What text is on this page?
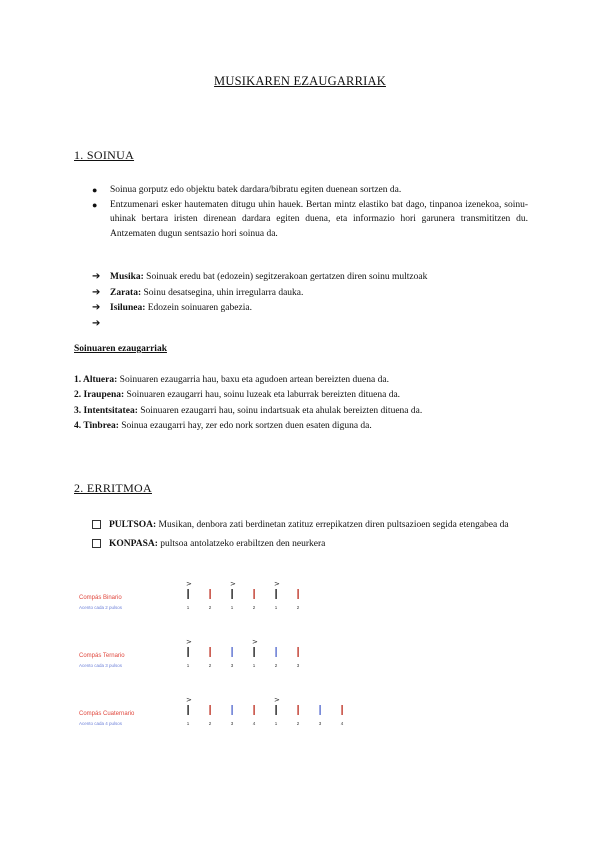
MUSIKAREN EZAUGARRIAK
1. SOINUA
● Soinua gorputz edo objektu batek dardara/bibratu egiten duenean sortzen da.
● Entzumenari esker hautematen ditugu uhin hauek. Bertan mintz elastiko bat dago, tinpanoa izenekoa, soinu-uhinak bertara iristen direnean dardara egiten duena, eta informazio hori garunera transmititzen du. Antzematen dugun sentsazio hori soinua da.
➔ Musika: Soinuak eredu bat (edozein) segitzerakoan gertatzen diren soinu multzoak
➔ Zarata: Soinu desatsegina, uhin irregularra dauka.
➔ Isilunea: Edozein soinuaren gabezia.
➔
Soinuaren ezaugarriak
1. Altuera: Soinuaren ezaugarria hau, baxu eta agudoen artean bereizten duena da.
2. Iraupena: Soinuaren ezaugarri hau, soinu luzeak eta laburrak bereizten dituena da.
3. Intentsitatea: Soinuaren ezaugarri hau, soinu indartsuak eta ahulak bereizten dituena da.
4. Tinbrea: Soinua ezaugarri hay, zer edo nork sortzen duen esaten diguna da.
2. ERRITMOA
PULTSOA: Musikan, denbora zati berdinetan zatituz errepikatzen diren pultsazioen segida etengabea da
KONPASA: pultsoa antolatzeko erabiltzen den neurkera
Compás Binario
Acento cada 2 pulsos
>
1	2
>
1	2
>
1	2
Compás Ternario
Acento cada 3 pulsos
>
1	2	3
>
1	2	3
Compás Cuaternario
Acento cada 4 pulsos
>
1	2	3	4
>
1	2	3	4
